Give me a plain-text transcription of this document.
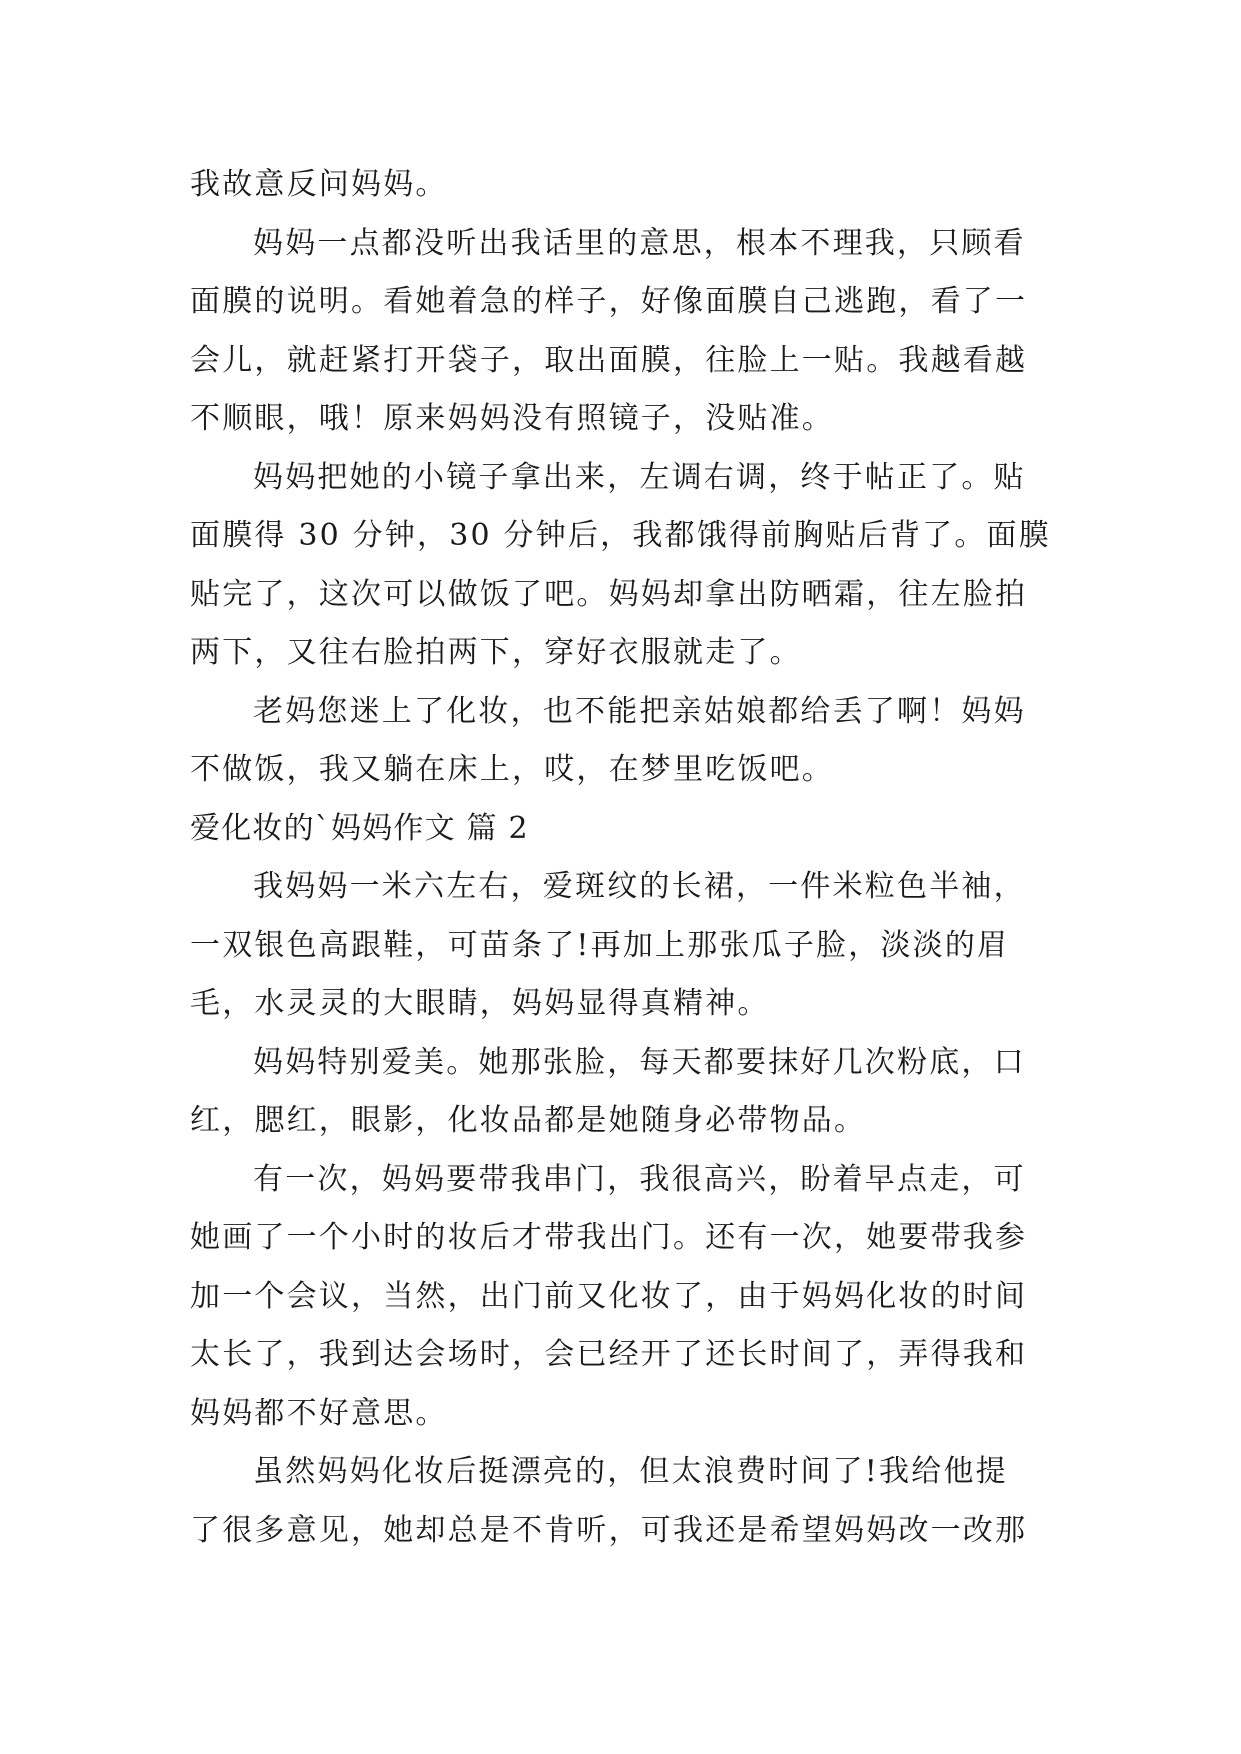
我故意反问妈妈。
妈妈一点都没听出我话里的意思，根本不理我，只顾看
面膜的说明。看她着急的样子，好像面膜自己逃跑，看了一
会儿，就赶紧打开袋子，取出面膜，往脸上一贴。我越看越
不顺眼，哦！原来妈妈没有照镜子，没贴准。
妈妈把她的小镜子拿出来，左调右调，终于帖正了。贴
面膜得 30 分钟，30 分钟后，我都饿得前胸贴后背了。面膜
贴完了，这次可以做饭了吧。妈妈却拿出防晒霜，往左脸拍
两下，又往右脸拍两下，穿好衣服就走了。
老妈您迷上了化妆，也不能把亲姑娘都给丢了啊！妈妈
不做饭，我又躺在床上，哎，在梦里吃饭吧。
爱化妆的`妈妈作文 篇 2
我妈妈一米六左右，爱斑纹的长裙，一件米粒色半袖，
一双银色高跟鞋，可苗条了!再加上那张瓜子脸，淡淡的眉
毛，水灵灵的大眼睛，妈妈显得真精神。
妈妈特别爱美。她那张脸，每天都要抹好几次粉底，口
红，腮红，眼影，化妆品都是她随身必带物品。
有一次，妈妈要带我串门，我很高兴，盼着早点走，可
她画了一个小时的妆后才带我出门。还有一次，她要带我参
加一个会议，当然，出门前又化妆了，由于妈妈化妆的时间
太长了，我到达会场时，会已经开了还长时间了，弄得我和
妈妈都不好意思。
虽然妈妈化妆后挺漂亮的，但太浪费时间了!我给他提
了很多意见，她却总是不肯听，可我还是希望妈妈改一改那
